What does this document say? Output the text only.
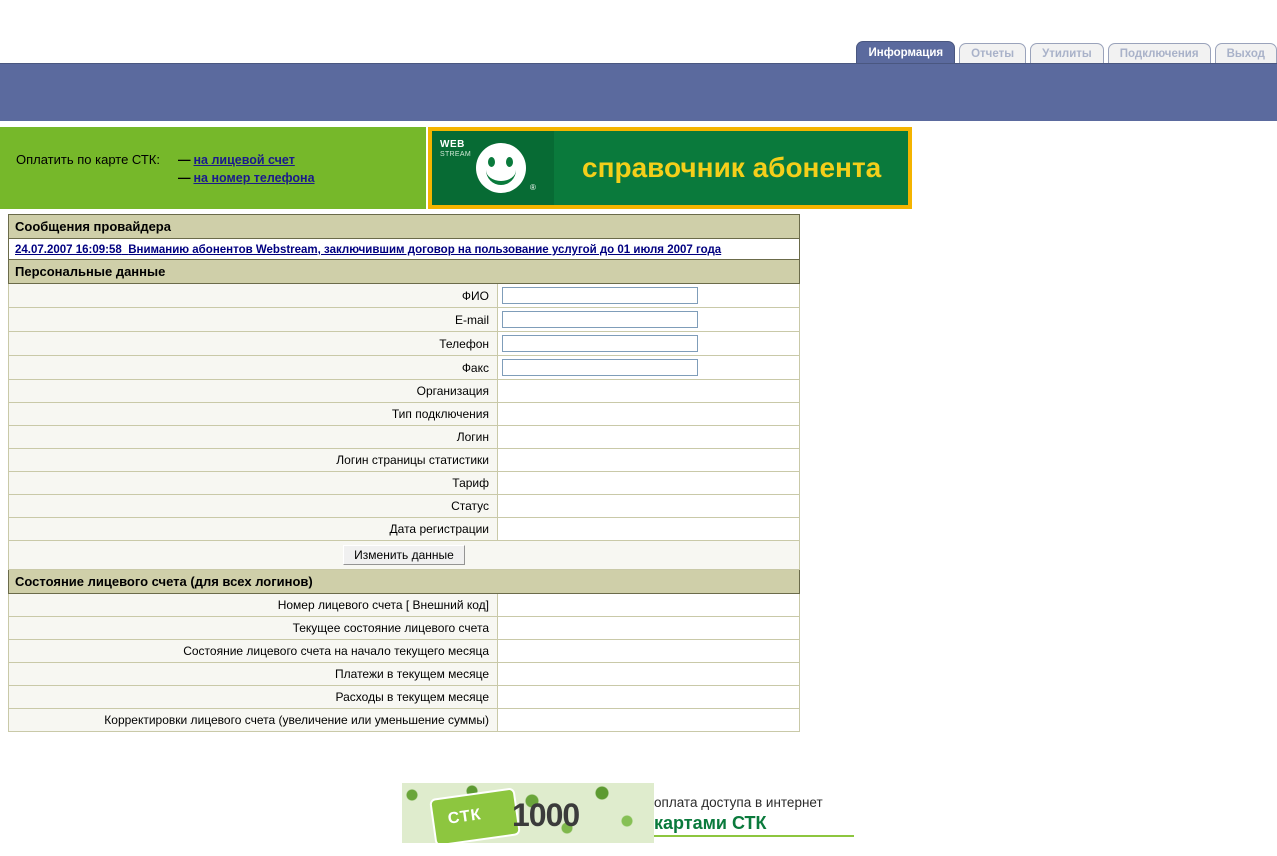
Информация	Отчеты	Утилиты	Подключения	Выход
Оплатить по карте СТК: — на лицевой счет
— на номер телефона
WEB
STREAM
®
справочник абонента
Сообщения провайдера	
24.07.2007 16:09:58 Вниманию абонентов Webstream, заключившим договор на пользование услугой до 01 июля 2007 года	
Персональные данные	
ФИО	
E-mail	
Телефон	
Факс	
Организация	
Тип подключения	
Логин	
Логин страницы статистики	
Тариф	
Статус	
Дата регистрации	
Изменить данные	
Состояние лицевого счета (для всех логинов)	
Номер лицевого счета [ Внешний код]	
Текущее состояние лицевого счета	
Состояние лицевого счета на начало текущего месяца	
Платежи в текущем месяце	
Расходы в текущем месяце	
Корректировки лицевого счета (увеличение или уменьшение суммы)	
СТК 1000	оплата доступа в интернет
картами СТК
